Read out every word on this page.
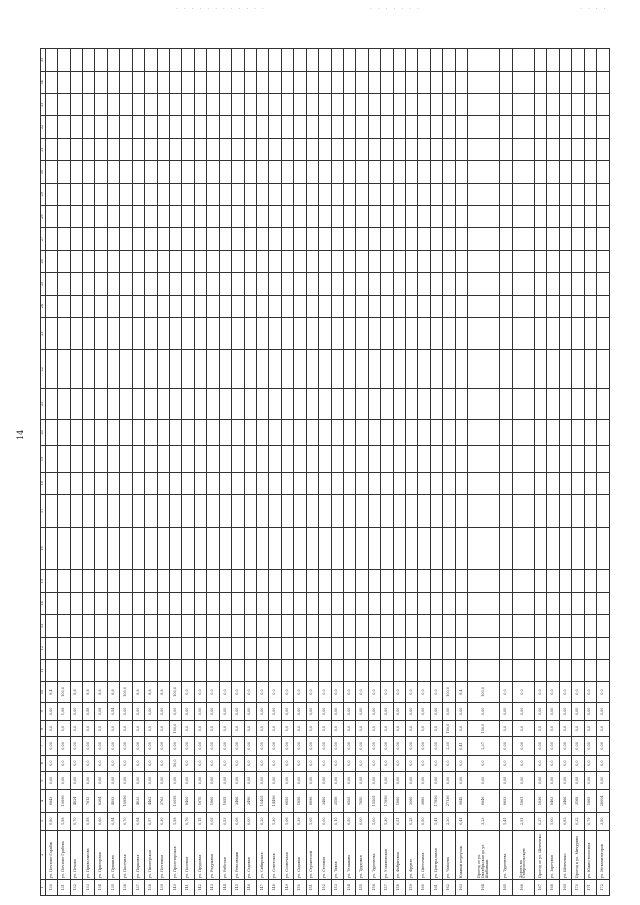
14
· · · · · · · · · · · ·	· · · · · · ·	· · · ·
1	2	3	4	5	6	7	8	9	10	11	12	13	14	15	16	17	18	19	20	21	22	23	24	25	26	27	28	29	30	31	32	33	34	35
130	ул. Почтово-Гарабж	0,80	8643	0,00	0,0	0,00	0,0	0,00	8,4																									
131	ул. Почтово-Грабева	1,58	10896	0,00	0,0	0,00	0,0	1,08	100,0																									
132	ул. Пехова	0,70	4824	0,00	0,0	0,00	0,0	0,00	8,8																									
133	ул. Привольнова	0,58	7613	0,00	0,0	0,00	0,0	0,58	8,8																									
134	ул. Пригорная	0,60	8364	0,00	0,0	0,00	0,0	0,08	8,8																									
135	ул. Пушкина	0,54	4893	0,00	0,0	0,00	0,0	0,54	8,8																									
136	ул. Пасечная	0,70	10856	0,00	0,0	0,00	0,0	0,00	100,0																									
137	ул. Парковая	0,54	4833	0,00	0,0	0,00	0,0	0,00	8,8																									
138	ул. Пионерская	0,57	4462	0,00	0,0	0,00	0,0	0,00	8,8																									
139	ул. Почтовая	0,30	3763	0,00	0,0	0,09	0,0	0,00	8,8																									
140	ул. Пролетарская	1,58	10095	0,00	50,0	0,00	100,0	0,00	100,0																									
141	ул. Полевая	0,76	8400	0,00	0,0	0,00	0,0	0,00	0,0																									
142	ул. Прудовая	0,15	1670	0,00	0,0	0,00	0,0	0,00	0,0																									
143	ул. Радужная	0,05	1860	0,00	0,0	0,00	0,0	0,00	0,0																									
144	ул. Рабочая	0,53	1855	0,00	0,0	0,00	0,0	0,00	0,0																									
145	ул. Революции	0,08	3466	0,00	0,0	0,00	0,0	0,00	0,0																									
146	ул. Садовая	0,00	3496	0,00	0,0	0,00	0,0	0,00	0,0																									
147	ул. Сибирская	0,20	10405	0,00	0,0	0,00	0,0	0,00	0,0																									
148	ул. Советская	1,30	14496	0,00	0,0	0,00	0,0	0,00	0,0																									
149	ул. Солнечная	1,06	6650	0,00	0,0	0,00	0,0	0,00	0,0																									
150	ул. Садовая	0,39	1856	0,00	0,0	0,00	0,0	0,00	0,0																									
151	ул. Строителей	1,00	8696	0,00	0,0	0,00	0,0	0,00	0,0																									
152	ул. Степная	0,00	3480	0,00	0,0	0,00	0,0	0,00	0,0																									
153	ул. Тихая	0,10	3556	0,00	0,0	0,00	0,0	0,00	0,0																									
154	ул. Тельмана	0,50	6505	0,00	0,0	0,00	0,0	0,00	0,0																									
155	ул. Трудовая	0,00	7850	0,00	0,0	0,00	0,0	0,00	0,0																									
156	ул. Тургенева	1,00	15505	0,00	0,0	0,00	0,0	0,00	0,0																									
157	ул. Ульяновская	1,30	17856	0,00	0,0	0,00	0,0	0,00	0,0																									
158	ул. Фабричная	0,51	1880	0,00	0,0	0,00	0,0	0,00	0,0																									
159	ул. Фрунзе	0,25	3060	0,00	0,0	0,00	0,0	0,00	0,0																									
160	ул. Цветочная	0,50	3680	0,00	0,0	0,00	0,0	0,00	0,0																									
161	ул. Центральная	1,41	17856	0,00	0,0	0,00	0,0	0,00	0,0																									
162	ул. Чапаева	2,30	27136	0,00	0,0	2,30	100,0	0,00	100,0																									
163	Южный переулок	0,41	9845	0,00	0,0	0,41	0,0	0,00	8,4																									
164	Проезд от ул. Октябрьская до ул. Шибаньки	3,23	8646	0,00	0,0	2,37	100,0	0,00	100,0																									
165	ул. Тургенева	1,41	8693	0,00	0,0	0,00	0,0	0,00	0,0																									
166	Дорога на Ставропольскую	2,51	1861	0,00	0,0	0,00	0,0	0,00	0,0																									
167	Проезд от ул. Шевченко	0,37	1836	0,00	0,0	0,00	0,0	0,00	0,0																									
168	ул. Заречная	1,00	8463	0,00	0,0	0,00	0,0	0,00	0,0																									
169	ул. Шевченко	0,82	3466	0,00	0,0	0,00	0,0	0,00	0,0																									
170	Проезд к ул. Мичурина	0,32	3168	0,00	0,0	0,00	0,0	0,00	0,0																									
171	ул. Южно-полосная	0,79	1869	0,00	0,0	0,00	0,0	0,00	0,0																									
172	ул. Механизаторов	3,50	28004	0,00	0,0	0,00	0,0	0,00	0,0																									
